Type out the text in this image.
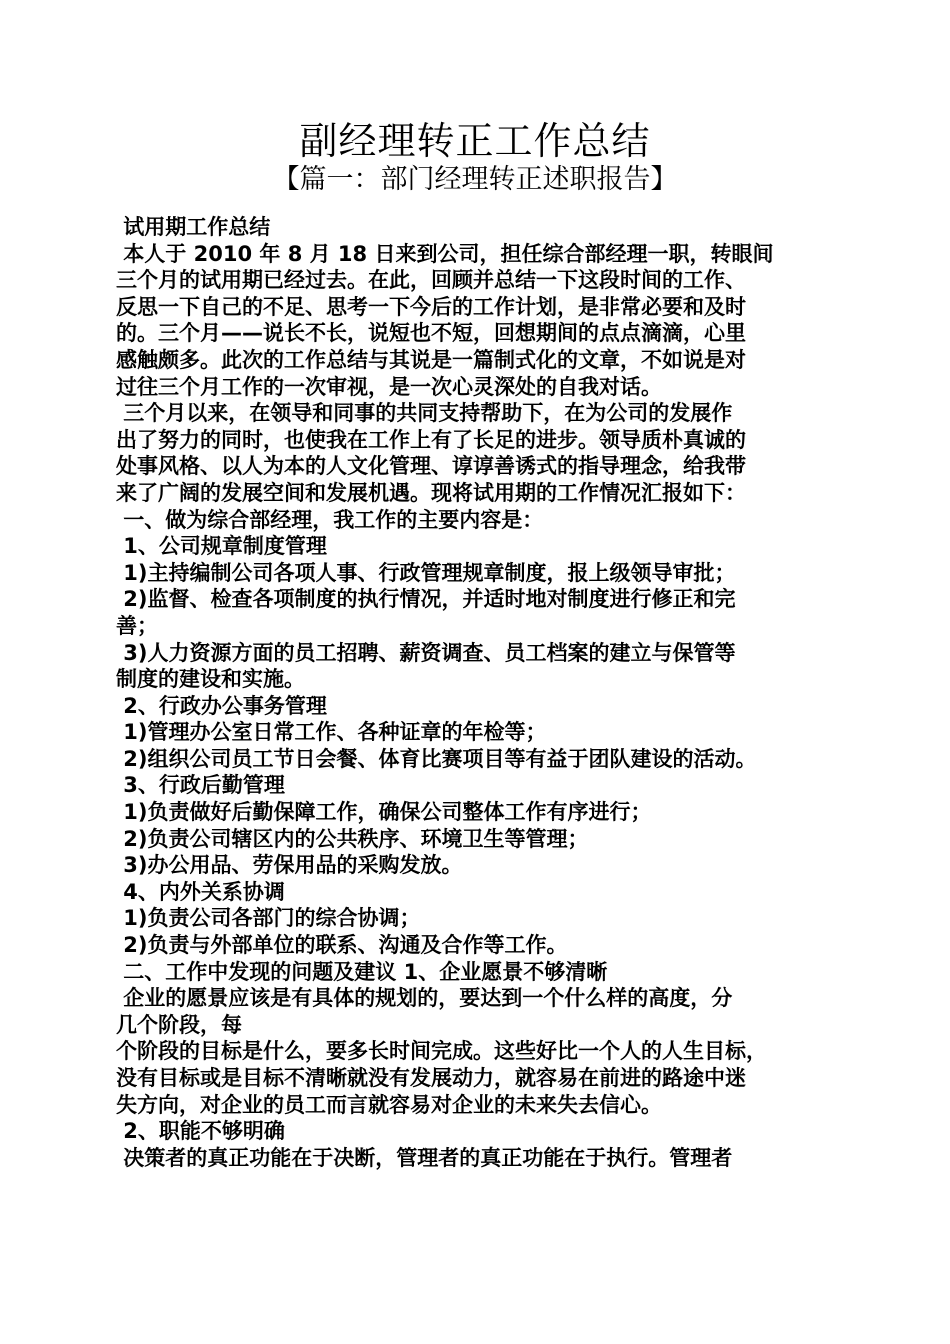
副经理转正工作总结
【篇一：部门经理转正述职报告】
试用期工作总结
本人于 2010 年 8 月 18 日来到公司，担任综合部经理一职，转眼间
三个月的试用期已经过去。在此，回顾并总结一下这段时间的工作、
反思一下自己的不足、思考一下今后的工作计划，是非常必要和及时
的。三个月——说长不长，说短也不短，回想期间的点点滴滴，心里
感触颇多。此次的工作总结与其说是一篇制式化的文章，不如说是对
过往三个月工作的一次审视，是一次心灵深处的自我对话。
三个月以来，在领导和同事的共同支持帮助下，在为公司的发展作
出了努力的同时，也使我在工作上有了长足的进步。领导质朴真诚的
处事风格、以人为本的人文化管理、谆谆善诱式的指导理念，给我带
来了广阔的发展空间和发展机遇。现将试用期的工作情况汇报如下：
一、做为综合部经理，我工作的主要内容是：
1、公司规章制度管理
1)主持编制公司各项人事、行政管理规章制度，报上级领导审批；
2)监督、检查各项制度的执行情况，并适时地对制度进行修正和完
善；
3)人力资源方面的员工招聘、薪资调查、员工档案的建立与保管等
制度的建设和实施。
2、行政办公事务管理
1)管理办公室日常工作、各种证章的年检等；
2)组织公司员工节日会餐、体育比赛项目等有益于团队建设的活动。
3、行政后勤管理
1)负责做好后勤保障工作，确保公司整体工作有序进行；
2)负责公司辖区内的公共秩序、环境卫生等管理；
3)办公用品、劳保用品的采购发放。
4、内外关系协调
1)负责公司各部门的综合协调；
2)负责与外部单位的联系、沟通及合作等工作。
二、工作中发现的问题及建议 1、企业愿景不够清晰
企业的愿景应该是有具体的规划的，要达到一个什么样的高度，分
几个阶段，每
个阶段的目标是什么，要多长时间完成。这些好比一个人的人生目标，
没有目标或是目标不清晰就没有发展动力，就容易在前进的路途中迷
失方向，对企业的员工而言就容易对企业的未来失去信心。
2、职能不够明确
决策者的真正功能在于决断，管理者的真正功能在于执行。管理者
